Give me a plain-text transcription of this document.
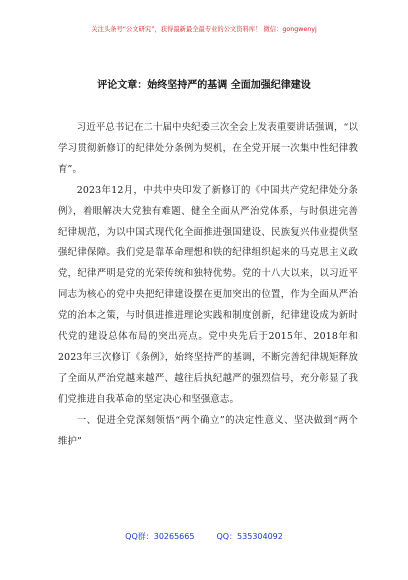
关注头条号“公文研究”，获得最新最全最专业的公文资料库！ 微信：gongwenyj
评论文章：始终坚持严的基调 全面加强纪律建设

习近平总书记在二十届中央纪委三次全会上发表重要讲话强调，“以学习贯彻新修订的纪律处分条例为契机，在全党开展一次集中性纪律教育”。

2023年12月，中共中央印发了新修订的《中国共产党纪律处分条例》，着眼解决大党独有难题、健全全面从严治党体系，与时俱进完善纪律规范，为以中国式现代化全面推进强国建设、民族复兴伟业提供坚强纪律保障。我们党是靠革命理想和铁的纪律组织起来的马克思主义政党，纪律严明是党的光荣传统和独特优势。党的十八大以来，以习近平同志为核心的党中央把纪律建设摆在更加突出的位置，作为全面从严治党的治本之策，与时俱进推进理论实践和制度创新，纪律建设成为新时代党的建设总体布局的突出亮点。党中央先后于2015年、2018年和2023年三次修订《条例》，始终坚持严的基调，不断完善纪律规矩释放了全面从严治党越来越严、越往后执纪越严的强烈信号，充分彰显了我们党推进自我革命的坚定决心和坚强意志。

一、促进全党深刻领悟“两个确立”的决定性意义、坚决做到“两个维护”

QQ群：30265665	QQ：535304092
